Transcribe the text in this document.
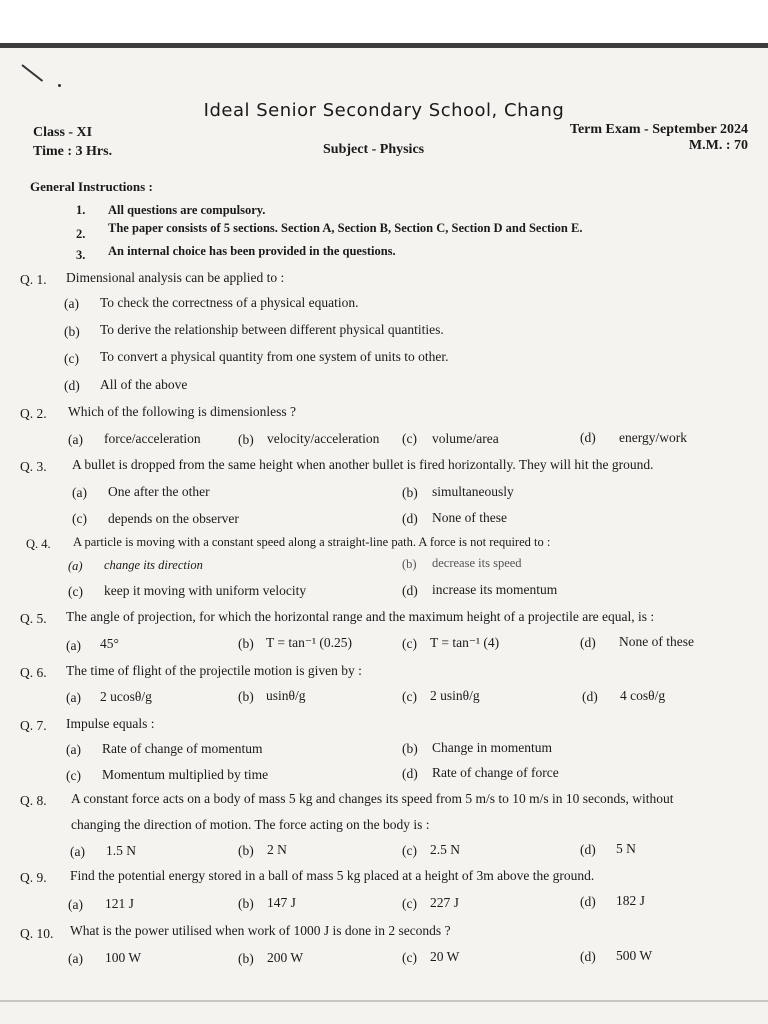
Ideal Senior Secondary School, Chang
Class - XI	Term Exam - September 2024
Time : 3 Hrs.	Subject - Physics	M.M. : 70
General Instructions :
1. All questions are compulsory.
2. The paper consists of 5 sections. Section A, Section B, Section C, Section D and Section E.
3. An internal choice has been provided in the questions.
Q. 1. Dimensional analysis can be applied to :
(a) To check the correctness of a physical equation.
(b) To derive the relationship between different physical quantities.
(c) To convert a physical quantity from one system of units to other.
(d) All of the above
Q. 2. Which of the following is dimensionless ?
(a) force/acceleration	(b) velocity/acceleration (c) volume/area	(d) energy/work
Q. 3. A bullet is dropped from the same height when another bullet is fired horizontally. They will hit the ground.
(a) One after the other	(b) simultaneously
(c) depends on the observer	(d) None of these
Q. 4. A particle is moving with a constant speed along a straight-line path. A force is not required to :
(a) change its direction	(b) decrease its speed
(c) keep it moving with uniform velocity	(d) increase its momentum
Q. 5. The angle of projection, for which the horizontal range and the maximum height of a projectile are equal, is :
(a) 45°	(b) T = tan⁻¹ (0.25)	(c) T = tan⁻¹ (4)	(d) None of these
Q. 6. The time of flight of the projectile motion is given by :
(a) 2 ucosθ/g	(b) usinθ/g	(c) 2 usinθ/g	(d) 4 cosθ/g
Q. 7. Impulse equals :
(a) Rate of change of momentum	(b) Change in momentum
(c) Momentum multiplied by time	(d) Rate of change of force
Q. 8. A constant force acts on a body of mass 5 kg and changes its speed from 5 m/s to 10 m/s in 10 seconds, without
changing the direction of motion. The force acting on the body is :
(a) 1.5 N	(b) 2 N	(c) 2.5 N	(d) 5 N
Q. 9. Find the potential energy stored in a ball of mass 5 kg placed at a height of 3m above the ground.
(a) 121 J	(b) 147 J	(c) 227 J	(d) 182 J
Q. 10. What is the power utilised when work of 1000 J is done in 2 seconds ?
(a) 100 W	(b) 200 W	(c) 20 W	(d) 500 W
